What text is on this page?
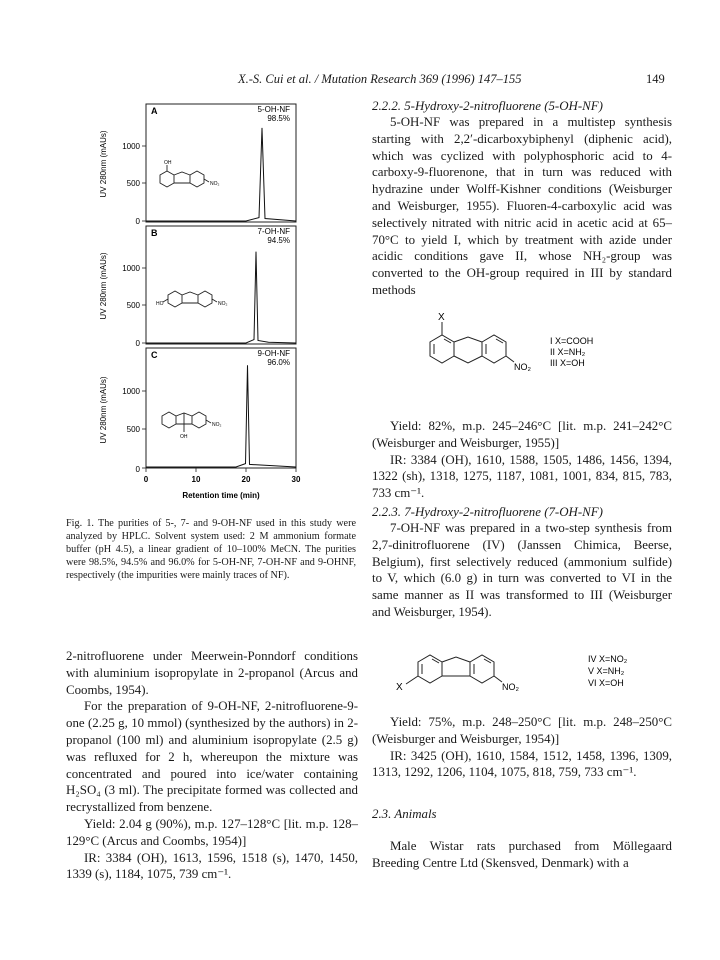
X.-S. Cui et al. / Mutation Research 369 (1996) 147–155	149
A
B
C
5-OH-NF
98.5%
7-OH-NF
94.5%
9-OH-NF
96.0%
1000
500
0
1000
500
0
1000
500
0
UV 280nm (mAUs)
UV 280nm (mAUs)
UV 280nm (mAUs)
0	10	20	30
Retention time (min)
OH
NO₂
HO	NO₂
OH
NO₂
Fig. 1. The purities of 5-, 7- and 9-OH-NF used in this study were analyzed by HPLC. Solvent system used: 2 M ammonium formate buffer (pH 4.5), a linear gradient of 10–100% MeCN. The purities were 98.5%, 94.5% and 96.0% for 5-OH-NF, 7-OH-NF and 9-OHNF, respectively (the impurities were mainly traces of NF).

2-nitrofluorene under Meerwein-Ponndorf conditions with aluminium isopropylate in 2-propanol (Arcus and Coombs, 1954).

For the preparation of 9-OH-NF, 2-nitrofluorene-9-one (2.25 g, 10 mmol) (synthesized by the authors) in 2-propanol (100 ml) and aluminium isopropylate (2.5 g) was refluxed for 2 h, whereupon the mixture was concentrated and poured into ice/water containing H₂SO₄ (3 ml). The precipitate formed was collected and recrystallized from benzene.

Yield: 2.04 g (90%), m.p. 127–128°C [lit. m.p. 128–129°C (Arcus and Coombs, 1954)]

IR: 3384 (OH), 1613, 1596, 1518 (s), 1470, 1450, 1339 (s), 1184, 1075, 739 cm⁻¹.

2.2.2. 5-Hydroxy-2-nitrofluorene (5-OH-NF)

5-OH-NF was prepared in a multistep synthesis starting with 2,2′-dicarboxybiphenyl (diphenic acid), which was cyclized with polyphosphoric acid to 4-carboxy-9-fluorenone, that in turn was reduced with hydrazine under Wolff-Kishner conditions (Weisburger and Weisburger, 1955). Fluoren-4-carboxylic acid was selectively nitrated with nitric acid in acetic acid at 65–70°C to yield I, which by treatment with azide under acidic conditions gave II, whose NH₂-group was converted to the OH-group required in III by standard methods

X
NO₂
I X=COOH
II X=NH₂
III X=OH

Yield: 82%, m.p. 245–246°C [lit. m.p. 241–242°C (Weisburger and Weisburger, 1955)]

IR: 3384 (OH), 1610, 1588, 1505, 1486, 1456, 1394, 1322 (sh), 1318, 1275, 1187, 1081, 1001, 834, 815, 783, 733 cm⁻¹.

2.2.3. 7-Hydroxy-2-nitrofluorene (7-OH-NF)

7-OH-NF was prepared in a two-step synthesis from 2,7-dinitrofluorene (IV) (Janssen Chimica, Beerse, Belgium), first selectively reduced (ammonium sulfide) to V, which (6.0 g) in turn was converted to VI in the same manner as II was transformed to III (Weisburger and Weisburger, 1954).

X	NO₂
IV X=NO₂
V X=NH₂
VI X=OH

Yield: 75%, m.p. 248–250°C [lit. m.p. 248–250°C (Weisburger and Weisburger, 1954)]

IR: 3425 (OH), 1610, 1584, 1512, 1458, 1396, 1309, 1313, 1292, 1206, 1104, 1075, 818, 759, 733 cm⁻¹.

2.3. Animals

Male Wistar rats purchased from Möllegaard Breeding Centre Ltd (Skensved, Denmark) with a
